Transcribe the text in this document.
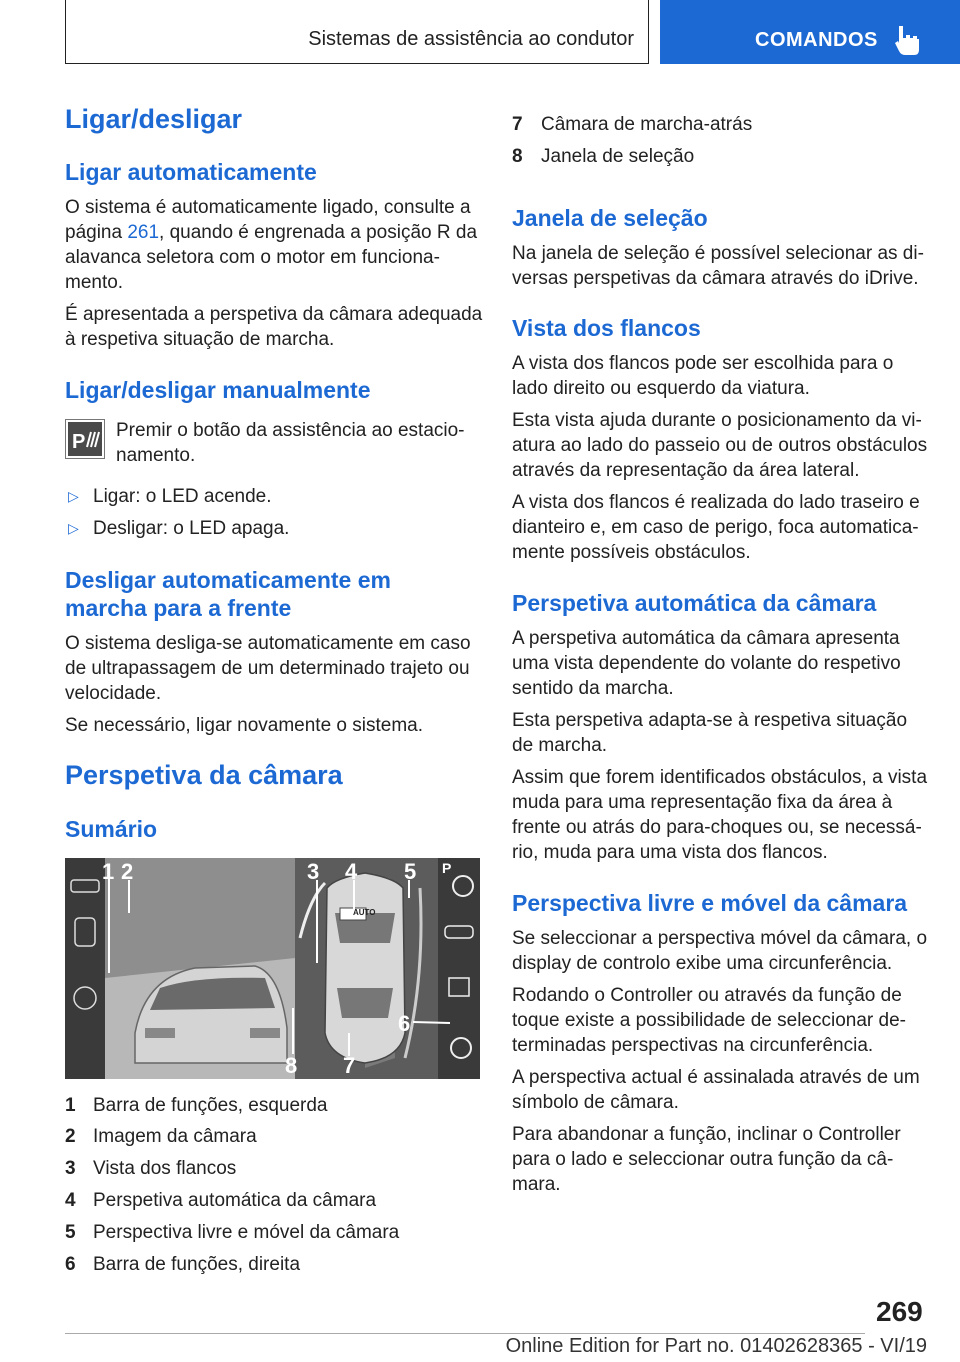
Sistemas de assistência ao condutor	COMANDOS
Ligar/desligar
Ligar automaticamente
O sistema é automaticamente ligado, consulte a
página 261, quando é engrenada a posição R da
alavanca seletora com o motor em funciona-
mento.
É apresentada a perspetiva da câmara adequada
à respetiva situação de marcha.
Ligar/desligar manualmente
P
Premir o botão da assistência ao estacio-
namento.
▷ Ligar: o LED acende.
▷ Desligar: o LED apaga.
Desligar automaticamente em
marcha para a frente
O sistema desliga-se automaticamente em caso
de ultrapassagem de um determinado trajeto ou
velocidade.
Se necessário, ligar novamente o sistema.
Perspetiva da câmara
Sumário
1 2	3 4 5
6
7
8
AUTO
P
1 Barra de funções, esquerda
2 Imagem da câmara
3 Vista dos flancos
4 Perspetiva automática da câmara
5 Perspectiva livre e móvel da câmara
6 Barra de funções, direita
7 Câmara de marcha-atrás
8 Janela de seleção
Janela de seleção
Na janela de seleção é possível selecionar as di-
versas perspetivas da câmara através do iDrive.
Vista dos flancos
A vista dos flancos pode ser escolhida para o
lado direito ou esquerdo da viatura.
Esta vista ajuda durante o posicionamento da vi-
atura ao lado do passeio ou de outros obstáculos
através da representação da área lateral.
A vista dos flancos é realizada do lado traseiro e
dianteiro e, em caso de perigo, foca automatica-
mente possíveis obstáculos.
Perspetiva automática da câmara
A perspetiva automática da câmara apresenta
uma vista dependente do volante do respetivo
sentido da marcha.
Esta perspetiva adapta-se à respetiva situação
de marcha.
Assim que forem identificados obstáculos, a vista
muda para uma representação fixa da área à
frente ou atrás do para-choques ou, se necessá-
rio, muda para uma vista dos flancos.
Perspectiva livre e móvel da câmara
Se seleccionar a perspectiva móvel da câmara, o
display de controlo exibe uma circunferência.
Rodando o Controller ou através da função de
toque existe a possibilidade de seleccionar de-
terminadas perspectivas na circunferência.
A perspectiva actual é assinalada através de um
símbolo de câmara.
Para abandonar a função, inclinar o Controller
para o lado e seleccionar outra função da câ-
mara.
269
Online Edition for Part no. 01402628365 - VI/19
